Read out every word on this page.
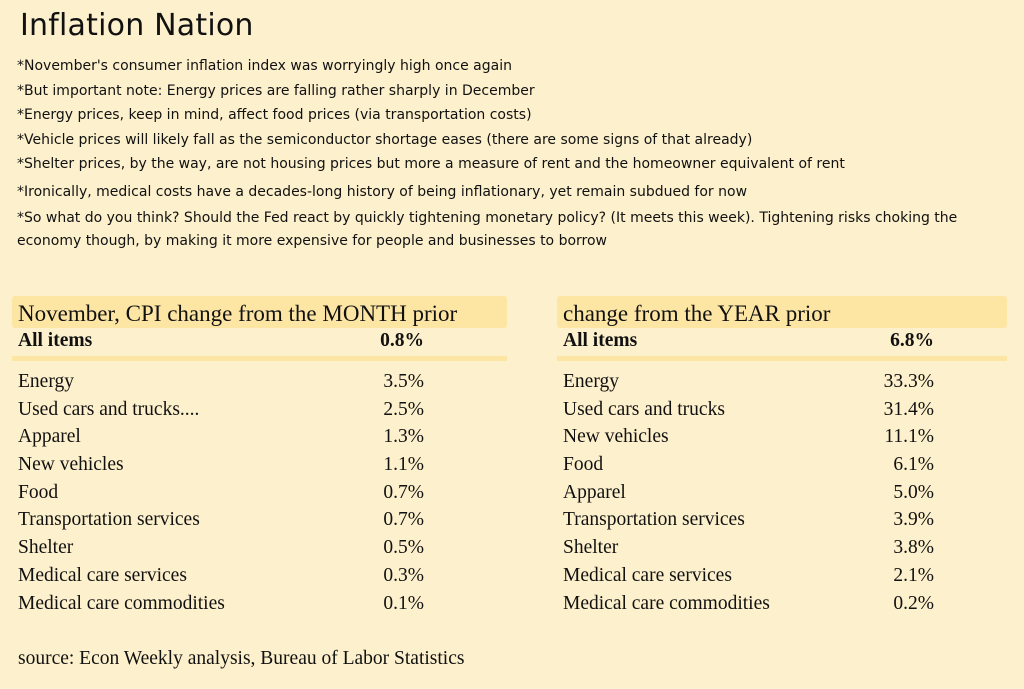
Inflation Nation
*November's consumer inflation index was worryingly high once again
*But important note: Energy prices are falling rather sharply in December
*Energy prices, keep in mind, affect food prices (via transportation costs)
*Vehicle prices will likely fall as the semiconductor shortage eases (there are some signs of that already)
*Shelter prices, by the way, are not housing prices but more a measure of rent and the homeowner equivalent of rent
*Ironically, medical costs have a decades-long history of being inflationary, yet remain subdued for now
*So what do you think? Should the Fed react by quickly tightening monetary policy? (It meets this week). Tightening risks choking the economy though, by making it more expensive for people and businesses to borrow
November, CPI change from the MONTH prior
All items	0.8%
Energy	3.5%
Used cars and trucks....	2.5%
Apparel	1.3%
New vehicles	1.1%
Food	0.7%
Transportation services	0.7%
Shelter	0.5%
Medical care services	0.3%
Medical care commodities	0.1%
change from the YEAR prior
All items	6.8%
Energy	33.3%
Used cars and trucks	31.4%
New vehicles	11.1%
Food	6.1%
Apparel	5.0%
Transportation services	3.9%
Shelter	3.8%
Medical care services	2.1%
Medical care commodities	0.2%
source: Econ Weekly analysis, Bureau of Labor Statistics
